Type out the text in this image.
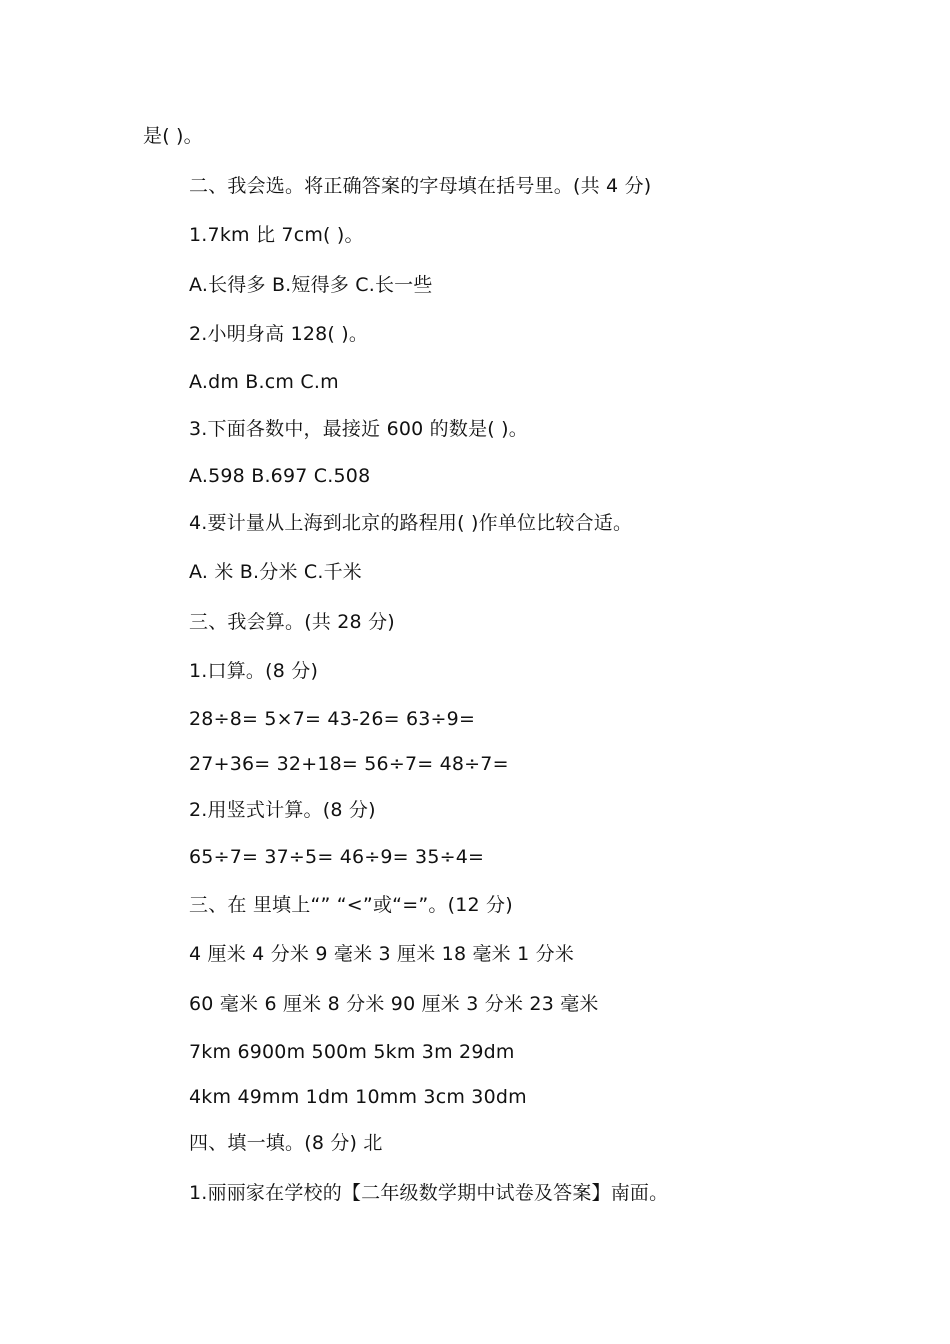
是( )。
二、我会选。将正确答案的字母填在括号里。(共 4 分)
1.7km 比 7cm( )。
A.长得多 B.短得多 C.长一些
2.小明身高 128( )。
A.dm B.cm C.m
3.下面各数中，最接近 600 的数是( )。
A.598 B.697 C.508
4.要计量从上海到北京的路程用( )作单位比较合适。
A. 米 B.分米 C.千米
三、我会算。(共 28 分)
1.口算。(8 分)
28÷8= 5×7= 43-26= 63÷9=
27+36= 32+18= 56÷7= 48÷7=
2.用竖式计算。(8 分)
65÷7= 37÷5= 46÷9= 35÷4=
三、在 里填上“” “<”或“=”。(12 分)
4 厘米 4 分米 9 毫米 3 厘米 18 毫米 1 分米
60 毫米 6 厘米 8 分米 90 厘米 3 分米 23 毫米
7km 6900m 500m 5km 3m 29dm
4km 49mm 1dm 10mm 3cm 30dm
四、填一填。(8 分) 北
1.丽丽家在学校的【二年级数学期中试卷及答案】南面。
